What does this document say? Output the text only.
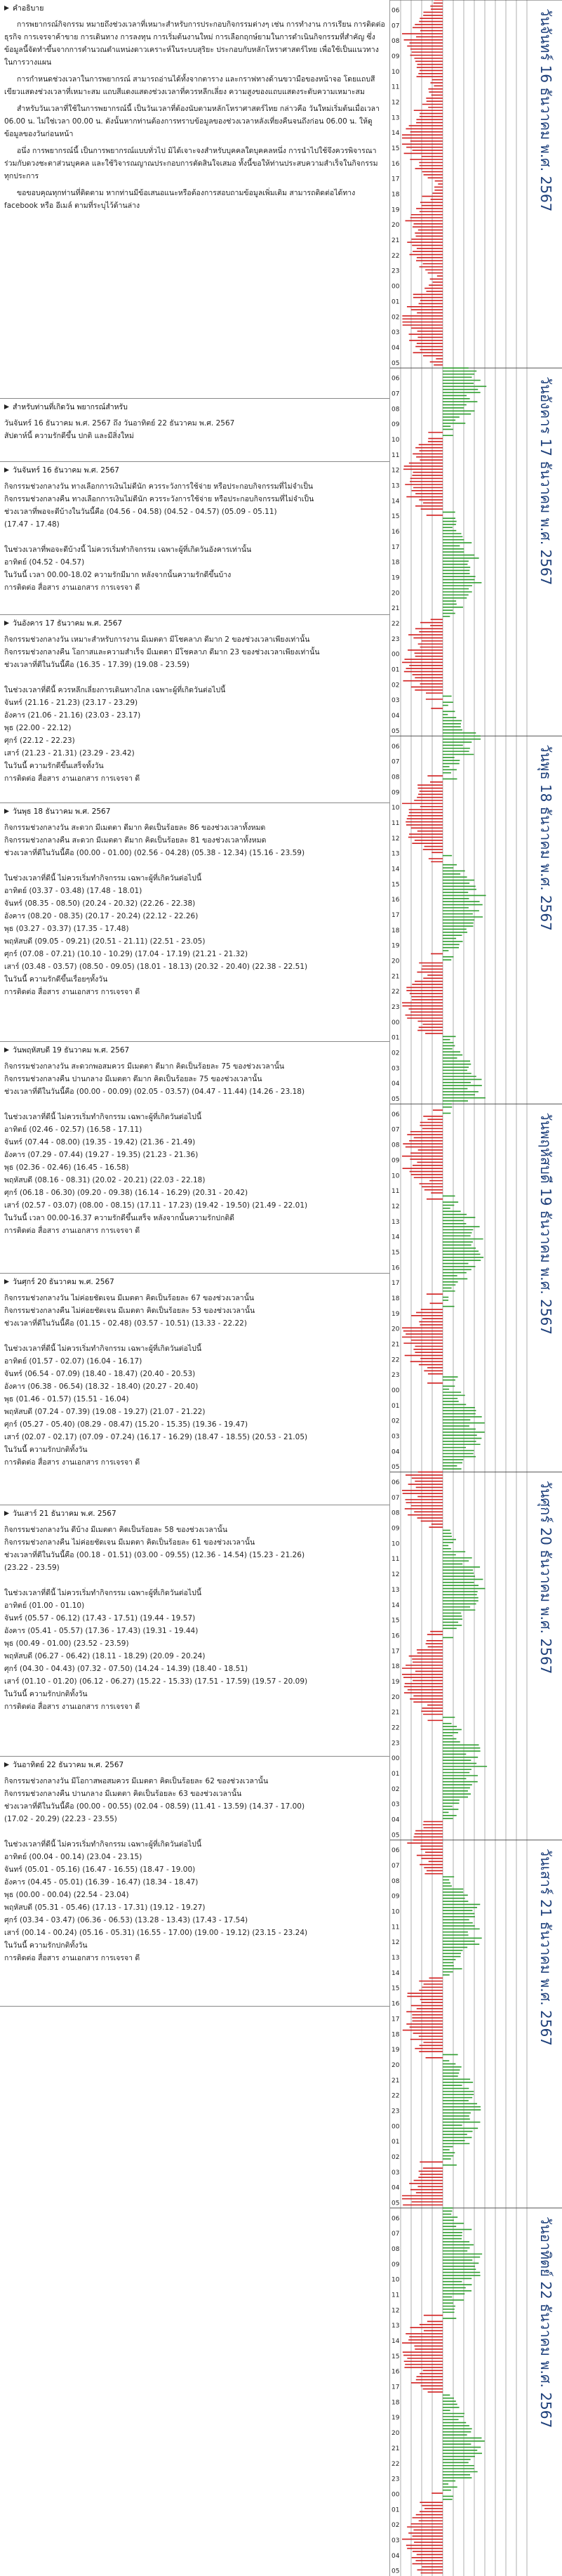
คำอธิบาย

การพยากรณ์กิจกรรม หมายถึงช่วงเวลาที่เหมาะสำหรับการประกอบกิจกรรมต่างๆ เช่น การทำงาน การเรียน การติดต่อธุรกิจ การเจรจาค้าขาย การเดินทาง การลงทุน การเริ่มต้นงานใหม่ การเลือกฤกษ์ยามในการดำเนินกิจกรรมที่สำคัญ ซึ่งข้อมูลนี้จัดทำขึ้นจากการคำนวณตำแหน่งดาวเคราะห์ในระบบสุริยะ ประกอบกับหลักโหราศาสตร์ไทย เพื่อใช้เป็นแนวทางในการวางแผน

การกำหนดช่วงเวลาในการพยากรณ์ สามารถอ่านได้ทั้งจากตาราง และกราฟทางด้านขวามือของหน้าจอ โดยแถบสีเขียวแสดงช่วงเวลาที่เหมาะสม แถบสีแดงแสดงช่วงเวลาที่ควรหลีกเลี่ยง ความสูงของแถบแสดงระดับความเหมาะสม

สำหรับวันเวลาที่ใช้ในการพยากรณ์นี้ เป็นวันเวลาที่ต้องนับตามหลักโหราศาสตร์ไทย กล่าวคือ วันใหม่เริ่มต้นเมื่อเวลา 06.00 น. ไม่ใช่เวลา 00.00 น. ดังนั้นหากท่านต้องการทราบข้อมูลของช่วงเวลาหลังเที่ยงคืนจนถึงก่อน 06.00 น. ให้ดูข้อมูลของวันก่อนหน้า

อนึ่ง การพยากรณ์นี้ เป็นการพยากรณ์แบบทั่วไป มิได้เจาะจงสำหรับบุคคลใดบุคคลหนึ่ง การนำไปใช้จึงควรพิจารณาร่วมกับดวงชะตาส่วนบุคคล และใช้วิจารณญาณประกอบการตัดสินใจเสมอ ทั้งนี้ขอให้ท่านประสบความสำเร็จในกิจกรรมทุกประการ

ขอขอบคุณทุกท่านที่ติดตาม หากท่านมีข้อเสนอแนะหรือต้องการสอบถามข้อมูลเพิ่มเติม สามารถติดต่อได้ทาง facebook หรือ อีเมล์ ตามที่ระบุไว้ด้านล่าง

สำหรับท่านที่เกิดวัน พยากรณ์สำหรับ
วันจันทร์ 16 ธันวาคม พ.ศ. 2567 ถึง วันอาทิตย์ 22 ธันวาคม พ.ศ. 2567
สัปดาห์นี้ ความรักดีขึ้น ปกติ และมีสิ่งใหม่
วันจันทร์ 16 ธันวาคม พ.ศ. 2567
กิจกรรมช่วงกลางวัน ทางเลือกการเงินไม่ดีนัก ควรระวังการใช้จ่าย หรือประกอบกิจกรรมที่ไม่จำเป็น
กิจกรรมช่วงกลางคืน ทางเลือกการเงินไม่ดีนัก ควรระวังการใช้จ่าย หรือประกอบกิจกรรมที่ไม่จำเป็น
ช่วงเวลาที่พอจะดีบ้างในวันนี้คือ (04.56 - 04.58) (04.52 - 04.57) (05.09 - 05.11)
(17.47 - 17.48)
ในช่วงเวลาที่พอจะดีบ้างนี้ ไม่ควรเริ่มทำกิจกรรม เฉพาะผู้ที่เกิดวันอังคารเท่านั้น
อาทิตย์ (04.52 - 04.57)
ในวันนี้ เวลา 00.00-18.02 ความรักมีมาก หลังจากนั้นความรักดีขึ้นบ้าง
การติดต่อ สื่อสาร งานเอกสาร การเจรจา ดี
วันอังคาร 17 ธันวาคม พ.ศ. 2567
กิจกรรมช่วงกลางวัน เหมาะสำหรับการงาน มีเมตตา มีโชคลาภ ดีมาก 2 ของช่วงเวลาเพียงเท่านั้น
กิจกรรมช่วงกลางคืน โอกาสและความสำเร็จ มีเมตตา มีโชคลาภ ดีมาก 23 ของช่วงเวลาเพียงเท่านั้น
ช่วงเวลาที่ดีในวันนี้คือ (16.35 - 17.39) (19.08 - 23.59)
ในช่วงเวลาที่ดีนี้ ควรหลีกเลี่ยงการเดินทางไกล เฉพาะผู้ที่เกิดวันต่อไปนี้
จันทร์ (21.16 - 21.23) (23.17 - 23.29)
อังคาร (21.06 - 21.16) (23.03 - 23.17)
พุธ (22.00 - 22.12)
ศุกร์ (22.12 - 22.23)
เสาร์ (21.23 - 21.31) (23.29 - 23.42)
ในวันนี้ ความรักดีขึ้นเสร็จทั้งวัน
การติดต่อ สื่อสาร งานเอกสาร การเจรจา ดี
วันพุธ 18 ธันวาคม พ.ศ. 2567
กิจกรรมช่วงกลางวัน สะดวก มีเมตตา ดีมาก คิดเป็นร้อยละ 86 ของช่วงเวลาทั้งหมด
กิจกรรมช่วงกลางคืน สะดวก มีเมตตา ดีมาก คิดเป็นร้อยละ 81 ของช่วงเวลาทั้งหมด
ช่วงเวลาที่ดีในวันนี้คือ (00.00 - 01.00) (02.56 - 04.28) (05.38 - 12.34) (15.16 - 23.59)
ในช่วงเวลาที่ดีนี้ ไม่ควรเริ่มทำกิจกรรม เฉพาะผู้ที่เกิดวันต่อไปนี้
อาทิตย์ (03.37 - 03.48) (17.48 - 18.01)
จันทร์ (08.35 - 08.50) (20.24 - 20.32) (22.26 - 22.38)
อังคาร (08.20 - 08.35) (20.17 - 20.24) (22.12 - 22.26)
พุธ (03.27 - 03.37) (17.35 - 17.48)
พฤหัสบดี (09.05 - 09.21) (20.51 - 21.11) (22.51 - 23.05)
ศุกร์ (07.08 - 07.21) (10.10 - 10.29) (17.04 - 17.19) (21.21 - 21.32)
เสาร์ (03.48 - 03.57) (08.50 - 09.05) (18.01 - 18.13) (20.32 - 20.40) (22.38 - 22.51)
ในวันนี้ ความรักดีขึ้นเรื่อยๆทั้งวัน
การติดต่อ สื่อสาร งานเอกสาร การเจรจา ดี
วันพฤหัสบดี 19 ธันวาคม พ.ศ. 2567
กิจกรรมช่วงกลางวัน สะดวกพอสมควร มีเมตตา ดีมาก คิดเป็นร้อยละ 75 ของช่วงเวลานั้น
กิจกรรมช่วงกลางคืน ปานกลาง มีเมตตา ดีมาก คิดเป็นร้อยละ 75 ของช่วงเวลานั้น
ช่วงเวลาที่ดีในวันนี้คือ (00.00 - 00.09) (02.05 - 03.57) (04.47 - 11.44) (14.26 - 23.18)
ในช่วงเวลาที่ดีนี้ ไม่ควรเริ่มทำกิจกรรม เฉพาะผู้ที่เกิดวันต่อไปนี้
อาทิตย์ (02.46 - 02.57) (16.58 - 17.11)
จันทร์ (07.44 - 08.00) (19.35 - 19.42) (21.36 - 21.49)
อังคาร (07.29 - 07.44) (19.27 - 19.35) (21.23 - 21.36)
พุธ (02.36 - 02.46) (16.45 - 16.58)
พฤหัสบดี (08.16 - 08.31) (20.02 - 20.21) (22.03 - 22.18)
ศุกร์ (06.18 - 06.30) (09.20 - 09.38) (16.14 - 16.29) (20.31 - 20.42)
เสาร์ (02.57 - 03.07) (08.00 - 08.15) (17.11 - 17.23) (19.42 - 19.50) (21.49 - 22.01)
ในวันนี้ เวลา 00.00-16.37 ความรักดีขึ้นเสร็จ หลังจากนั้นความรักปกติดี
การติดต่อ สื่อสาร งานเอกสาร การเจรจา ดี
วันศุกร์ 20 ธันวาคม พ.ศ. 2567
กิจกรรมช่วงกลางวัน ไม่ค่อยชัดเจน มีเมตตา คิดเป็นร้อยละ 67 ของช่วงเวลานั้น
กิจกรรมช่วงกลางคืน ไม่ค่อยชัดเจน มีเมตตา คิดเป็นร้อยละ 53 ของช่วงเวลานั้น
ช่วงเวลาที่ดีในวันนี้คือ (01.15 - 02.48) (03.57 - 10.51) (13.33 - 22.22)
ในช่วงเวลาที่ดีนี้ ไม่ควรเริ่มทำกิจกรรม เฉพาะผู้ที่เกิดวันต่อไปนี้
อาทิตย์ (01.57 - 02.07) (16.04 - 16.17)
จันทร์ (06.54 - 07.09) (18.40 - 18.47) (20.40 - 20.53)
อังคาร (06.38 - 06.54) (18.32 - 18.40) (20.27 - 20.40)
พุธ (01.46 - 01.57) (15.51 - 16.04)
พฤหัสบดี (07.24 - 07.39) (19.08 - 19.27) (21.07 - 21.22)
ศุกร์ (05.27 - 05.40) (08.29 - 08.47) (15.20 - 15.35) (19.36 - 19.47)
เสาร์ (02.07 - 02.17) (07.09 - 07.24) (16.17 - 16.29) (18.47 - 18.55) (20.53 - 21.05)
ในวันนี้ ความรักปกติทั้งวัน
การติดต่อ สื่อสาร งานเอกสาร การเจรจา ดี
วันเสาร์ 21 ธันวาคม พ.ศ. 2567
กิจกรรมช่วงกลางวัน ดีบ้าง มีเมตตา คิดเป็นร้อยละ 58 ของช่วงเวลานั้น
กิจกรรมช่วงกลางคืน ไม่ค่อยชัดเจน มีเมตตา คิดเป็นร้อยละ 61 ของช่วงเวลานั้น
ช่วงเวลาที่ดีในวันนี้คือ (00.18 - 01.51) (03.00 - 09.55) (12.36 - 14.54) (15.23 - 21.26)
(23.22 - 23.59)
ในช่วงเวลาที่ดีนี้ ไม่ควรเริ่มทำกิจกรรม เฉพาะผู้ที่เกิดวันต่อไปนี้
อาทิตย์ (01.00 - 01.10)
จันทร์ (05.57 - 06.12) (17.43 - 17.51) (19.44 - 19.57)
อังคาร (05.41 - 05.57) (17.36 - 17.43) (19.31 - 19.44)
พุธ (00.49 - 01.00) (23.52 - 23.59)
พฤหัสบดี (06.27 - 06.42) (18.11 - 18.29) (20.09 - 20.24)
ศุกร์ (04.30 - 04.43) (07.32 - 07.50) (14.24 - 14.39) (18.40 - 18.51)
เสาร์ (01.10 - 01.20) (06.12 - 06.27) (15.22 - 15.33) (17.51 - 17.59) (19.57 - 20.09)
ในวันนี้ ความรักปกติทั้งวัน
การติดต่อ สื่อสาร งานเอกสาร การเจรจา ดี
วันอาทิตย์ 22 ธันวาคม พ.ศ. 2567
กิจกรรมช่วงกลางวัน มีโอกาสพอสมควร มีเมตตา คิดเป็นร้อยละ 62 ของช่วงเวลานั้น
กิจกรรมช่วงกลางคืน ปานกลาง มีเมตตา คิดเป็นร้อยละ 63 ของช่วงเวลานั้น
ช่วงเวลาที่ดีในวันนี้คือ (00.00 - 00.55) (02.04 - 08.59) (11.41 - 13.59) (14.37 - 17.00)
(17.02 - 20.29) (22.23 - 23.55)
ในช่วงเวลาที่ดีนี้ ไม่ควรเริ่มทำกิจกรรม เฉพาะผู้ที่เกิดวันต่อไปนี้
อาทิตย์ (00.04 - 00.14) (23.04 - 23.15)
จันทร์ (05.01 - 05.16) (16.47 - 16.55) (18.47 - 19.00)
อังคาร (04.45 - 05.01) (16.39 - 16.47) (18.34 - 18.47)
พุธ (00.00 - 00.04) (22.54 - 23.04)
พฤหัสบดี (05.31 - 05.46) (17.13 - 17.31) (19.12 - 19.27)
ศุกร์ (03.34 - 03.47) (06.36 - 06.53) (13.28 - 13.43) (17.43 - 17.54)
เสาร์ (00.14 - 00.24) (05.16 - 05.31) (16.55 - 17.00) (19.00 - 19.12) (23.15 - 23.24)
ในวันนี้ ความรักปกติทั้งวัน
การติดต่อ สื่อสาร งานเอกสาร การเจรจา ดี
06
07
08
09
10
11
12
13
14
15
16
17
18
19
20
21
22
23
00
01
02
03
04
05
วันจันทร์ 16 ธันวาคม พ.ศ. 2567
06
07
08
09
10
11
12
13
14
15
16
17
18
19
20
21
22
23
00
01
02
03
04
05
วันอังคาร 17 ธันวาคม พ.ศ. 2567
06
07
08
09
10
11
12
13
14
15
16
17
18
19
20
21
22
23
00
01
02
03
04
05
วันพุธ 18 ธันวาคม พ.ศ. 2567
06
07
08
09
10
11
12
13
14
15
16
17
18
19
20
21
22
23
00
01
02
03
04
05
วันพฤหัสบดี 19 ธันวาคม พ.ศ. 2567
06
07
08
09
10
11
12
13
14
15
16
17
18
19
20
21
22
23
00
01
02
03
04
05
วันศุกร์ 20 ธันวาคม พ.ศ. 2567
06
07
08
09
10
11
12
13
14
15
16
17
18
19
20
21
22
23
00
01
02
03
04
05
วันเสาร์ 21 ธันวาคม พ.ศ. 2567
06
07
08
09
10
11
12
13
14
15
16
17
18
19
20
21
22
23
00
01
02
03
04
05
วันอาทิตย์ 22 ธันวาคม พ.ศ. 2567
